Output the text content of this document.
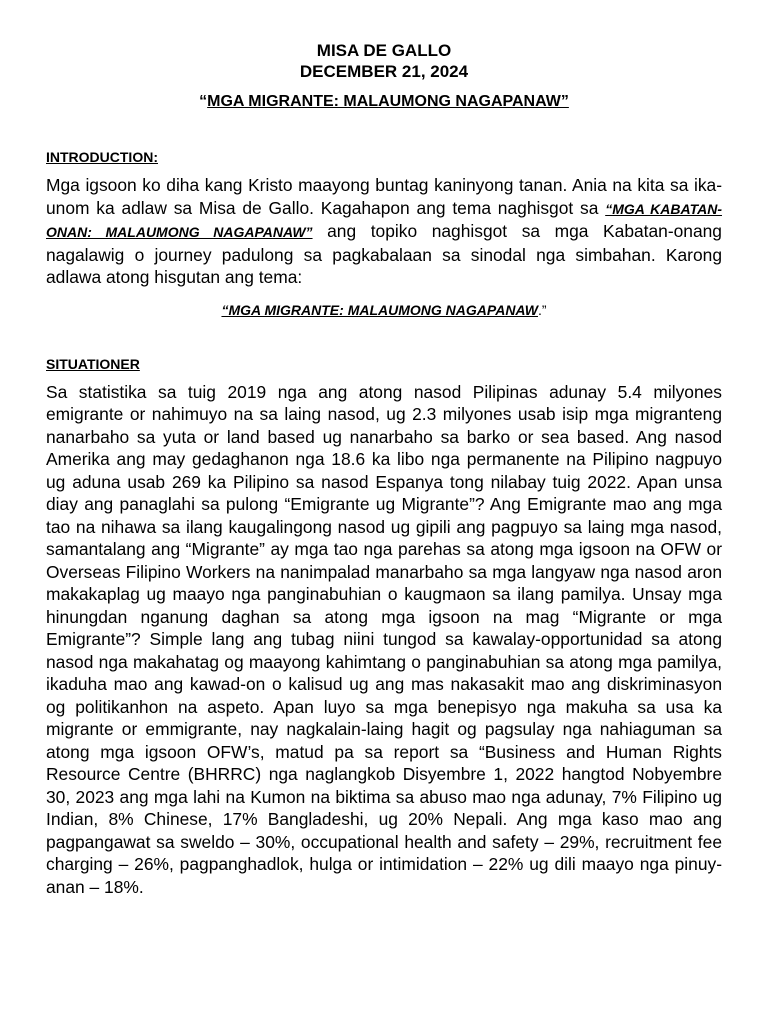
MISA DE GALLO
DECEMBER 21, 2024
“MGA MIGRANTE: MALAUMONG NAGAPANAW”
INTRODUCTION:
Mga igsoon ko diha kang Kristo maayong buntag kaninyong tanan. Ania na kita sa ika-unom ka adlaw sa Misa de Gallo. Kagahapon ang tema naghisgot sa “MGA KABATAN-ONAN: MALAUMONG NAGAPANAW” ang topiko naghisgot sa mga Kabatan-onang nagalawig o journey padulong sa pagkabalaan sa sinodal nga simbahan. Karong adlawa atong hisgutan ang tema:
“MGA MIGRANTE: MALAUMONG NAGAPANAW.”
SITUATIONER
Sa statistika sa tuig 2019 nga ang atong nasod Pilipinas adunay 5.4 milyones emigrante or nahimuyo na sa laing nasod, ug 2.3 milyones usab isip mga migranteng nanarbaho sa yuta or land based ug nanarbaho sa barko or sea based. Ang nasod Amerika ang may gedaghanon nga 18.6 ka libo nga permanente na Pilipino nagpuyo ug aduna usab 269 ka Pilipino sa nasod Espanya tong nilabay tuig 2022. Apan unsa diay ang panaglahi sa pulong “Emigrante ug Migrante”? Ang Emigrante mao ang mga tao na nihawa sa ilang kaugalingong nasod ug gipili ang pagpuyo sa laing mga nasod, samantalang ang “Migrante” ay mga tao nga parehas sa atong mga igsoon na OFW or Overseas Filipino Workers na nanimpalad manarbaho sa mga langyaw nga nasod aron makakaplag ug maayo nga panginabuhian o kaugmaon sa ilang pamilya. Unsay mga hinungdan nganung daghan sa atong mga igsoon na mag “Migrante or mga Emigrante”? Simple lang ang tubag niini tungod sa kawalay-opportunidad sa atong nasod nga makahatag og maayong kahimtang o panginabuhian sa atong mga pamilya, ikaduha mao ang kawad-on o kalisud ug ang mas nakasakit mao ang diskriminasyon og politikanhon na aspeto. Apan luyo sa mga benepisyo nga makuha sa usa ka migrante or emmigrante, nay nagkalain-laing hagit og pagsulay nga nahiaguman sa atong mga igsoon OFW’s, matud pa sa report sa “Business and Human Rights Resource Centre (BHRRC) nga naglangkob Disyembre 1, 2022 hangtod Nobyembre 30, 2023 ang mga lahi na Kumon na biktima sa abuso mao nga adunay, 7% Filipino ug Indian, 8% Chinese, 17% Bangladeshi, ug 20% Nepali. Ang mga kaso mao ang pagpangawat sa sweldo – 30%, occupational health and safety – 29%, recruitment fee charging – 26%, pagpanghadlok, hulga or intimidation – 22% ug dili maayo nga pinuy-anan – 18%.
